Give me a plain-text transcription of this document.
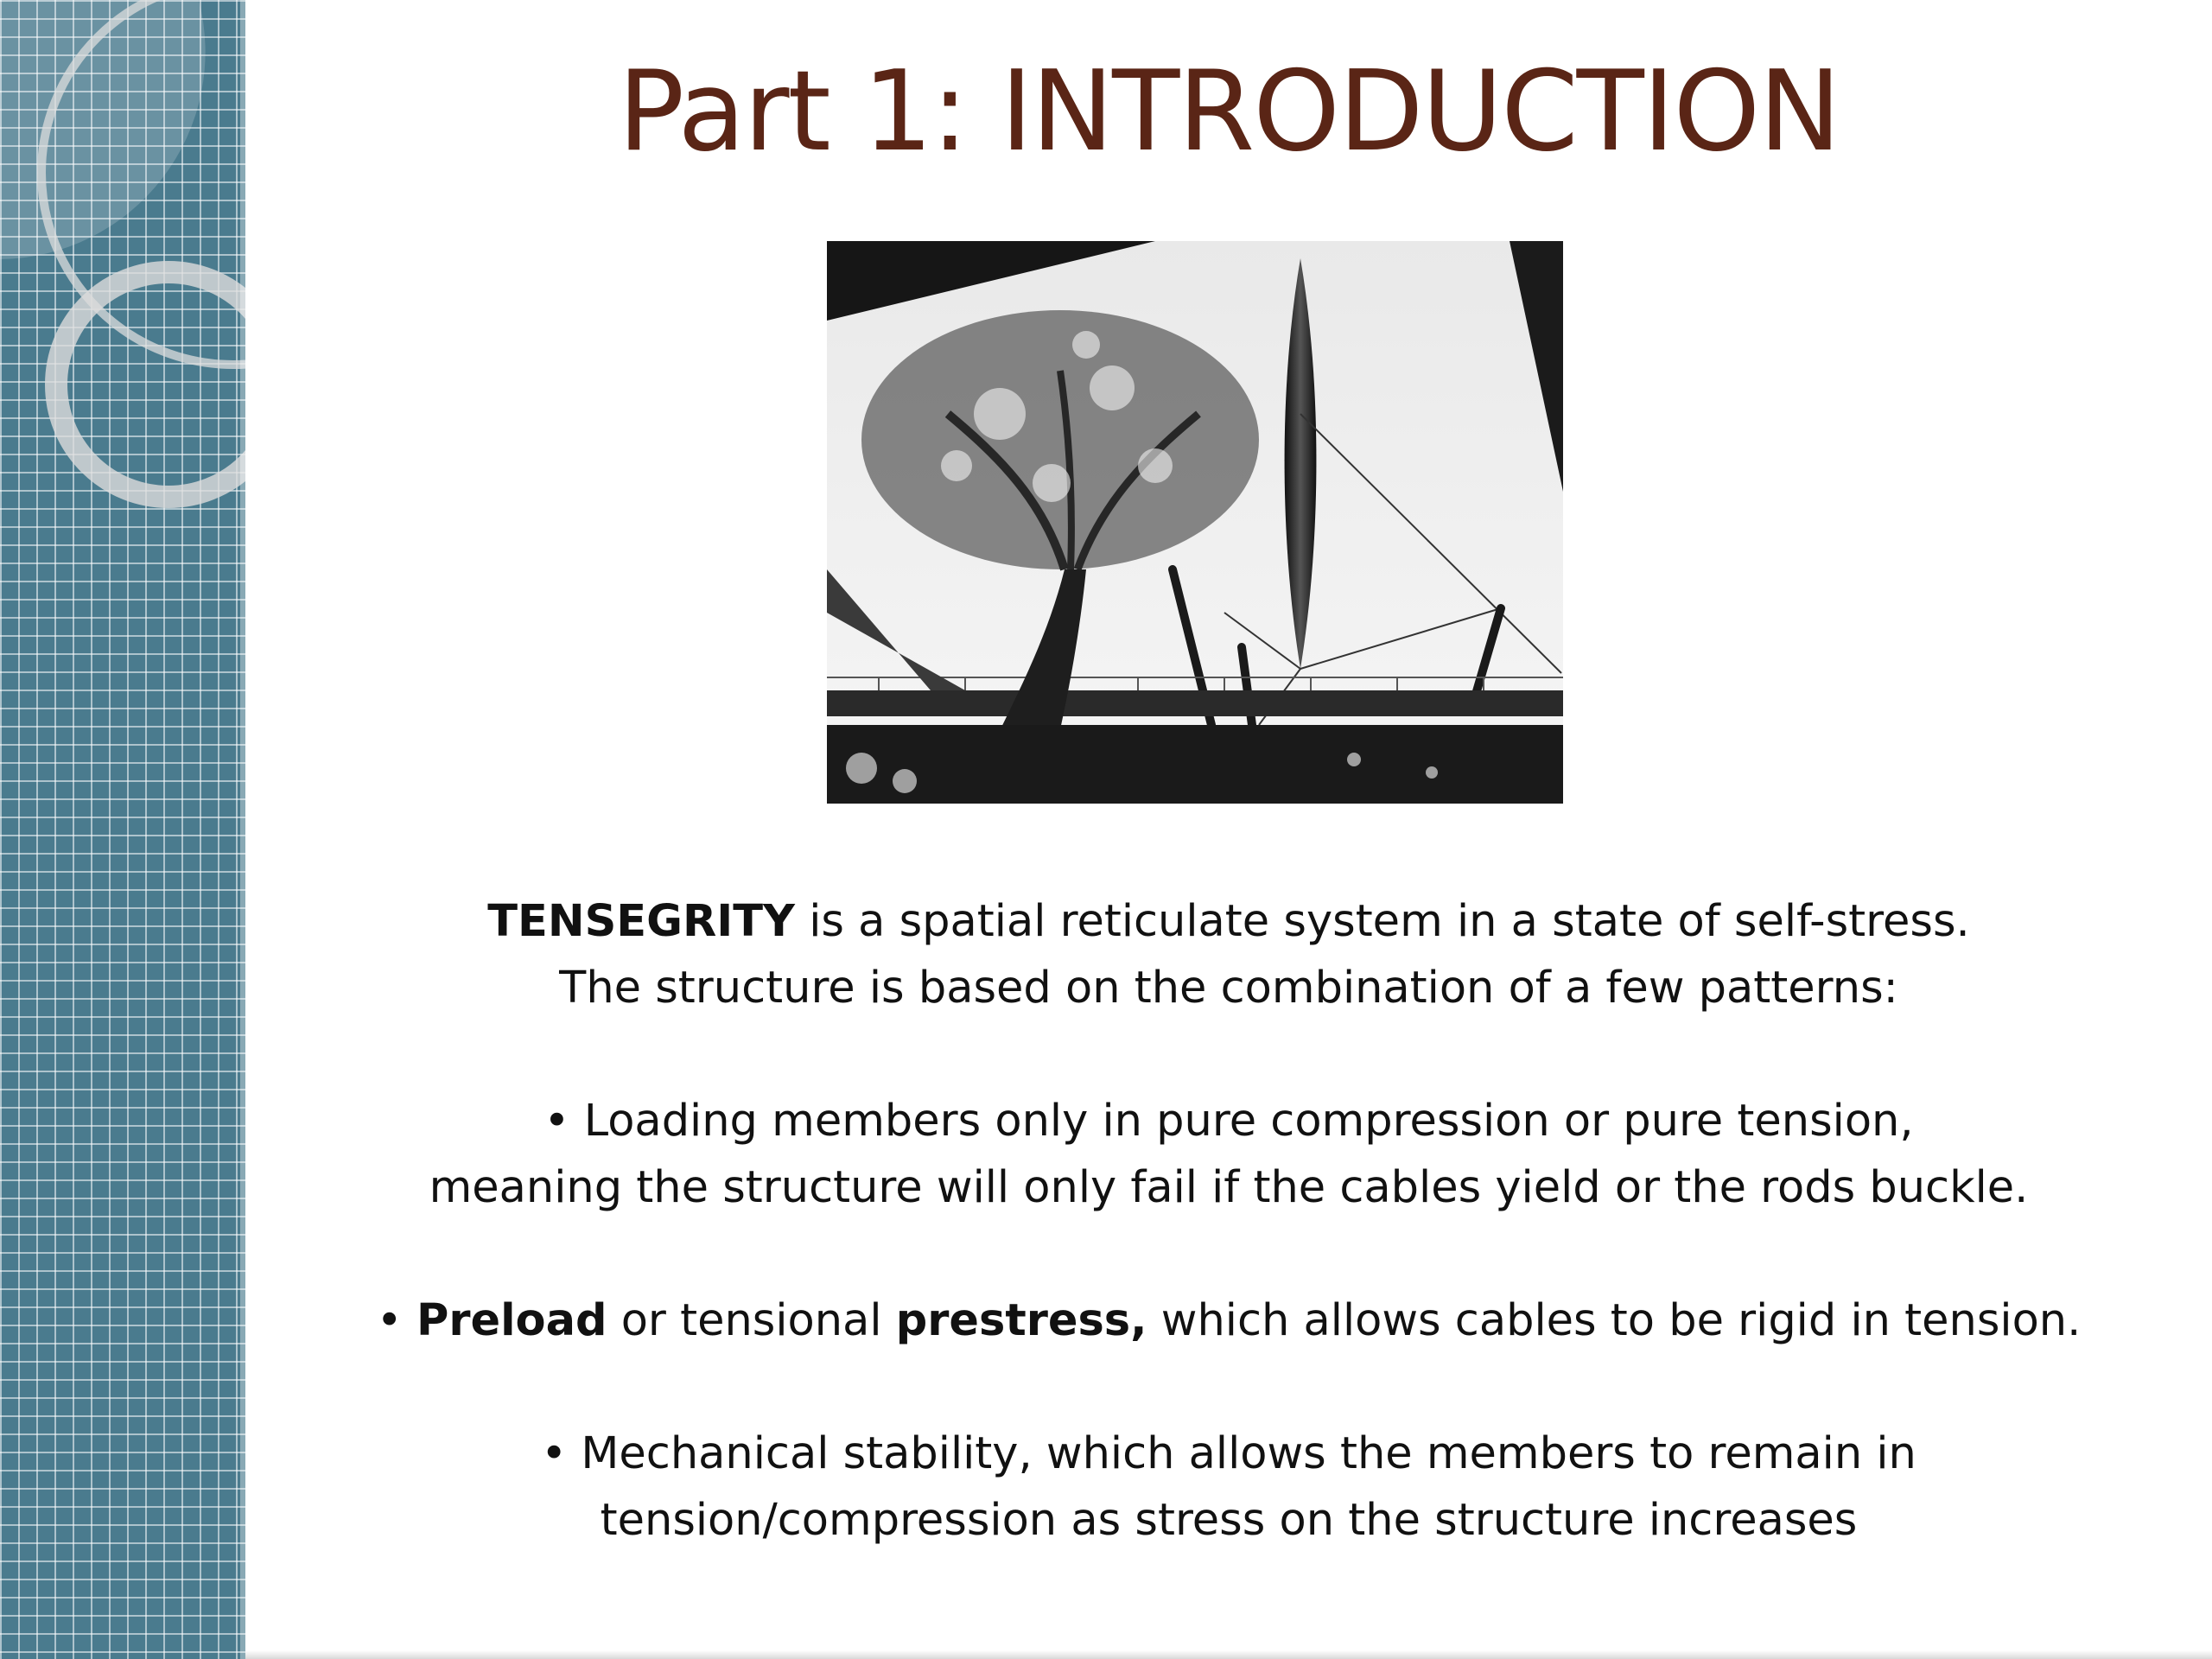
Part 1: INTRODUCTION

TENSEGRITY is a spatial reticulate system in a state of self-stress.

The structure is based on the combination of a few patterns:

• Loading members only in pure compression or pure tension,

meaning the structure will only fail if the cables yield or the rods buckle.

• Preload or tensional prestress, which allows cables to be rigid in tension.

• Mechanical stability, which allows the members to remain in

tension/compression as stress on the structure increases
